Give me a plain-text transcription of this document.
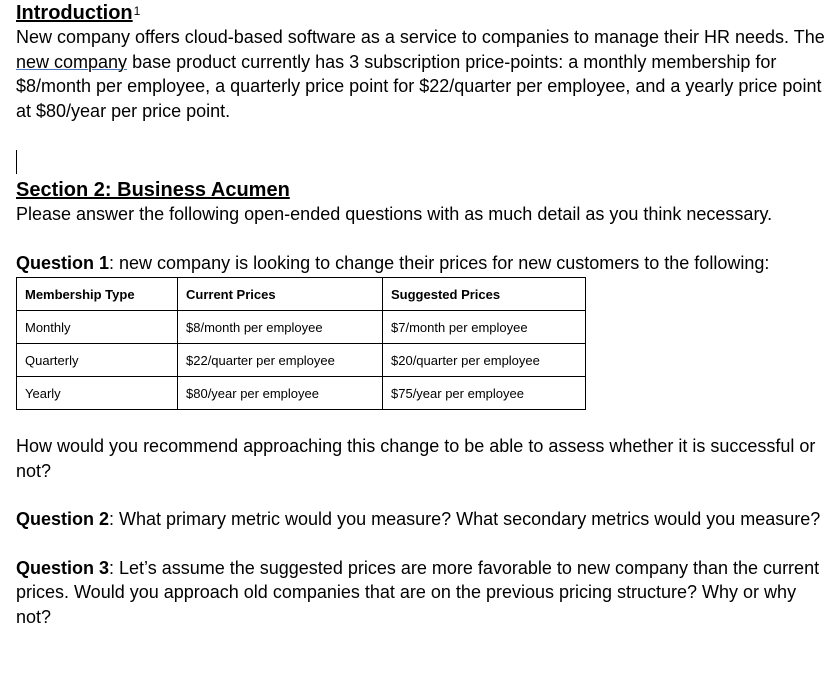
Introduction$^1$

New company offers cloud-based software as a service to companies to manage their HR needs. The new company base product currently has 3 subscription price-points: a monthly membership for $8/month per employee, a quarterly price point for $22/quarter per employee, and a yearly price point at $80/year per price point.

Section 2: Business Acumen

Please answer the following open-ended questions with as much detail as you think necessary.

Question 1: new company is looking to change their prices for new customers to the following:

Membership Type	Current Prices	Suggested Prices
Monthly	$8/month per employee	$7/month per employee
Quarterly	$22/quarter per employee	$20/quarter per employee
Yearly	$80/year per employee	$75/year per employee

How would you recommend approaching this change to be able to assess whether it is successful or not?

Question 2: What primary metric would you measure? What secondary metrics would you measure?

Question 3: Let’s assume the suggested prices are more favorable to new company than the current prices. Would you approach old companies that are on the previous pricing structure? Why or why not?
